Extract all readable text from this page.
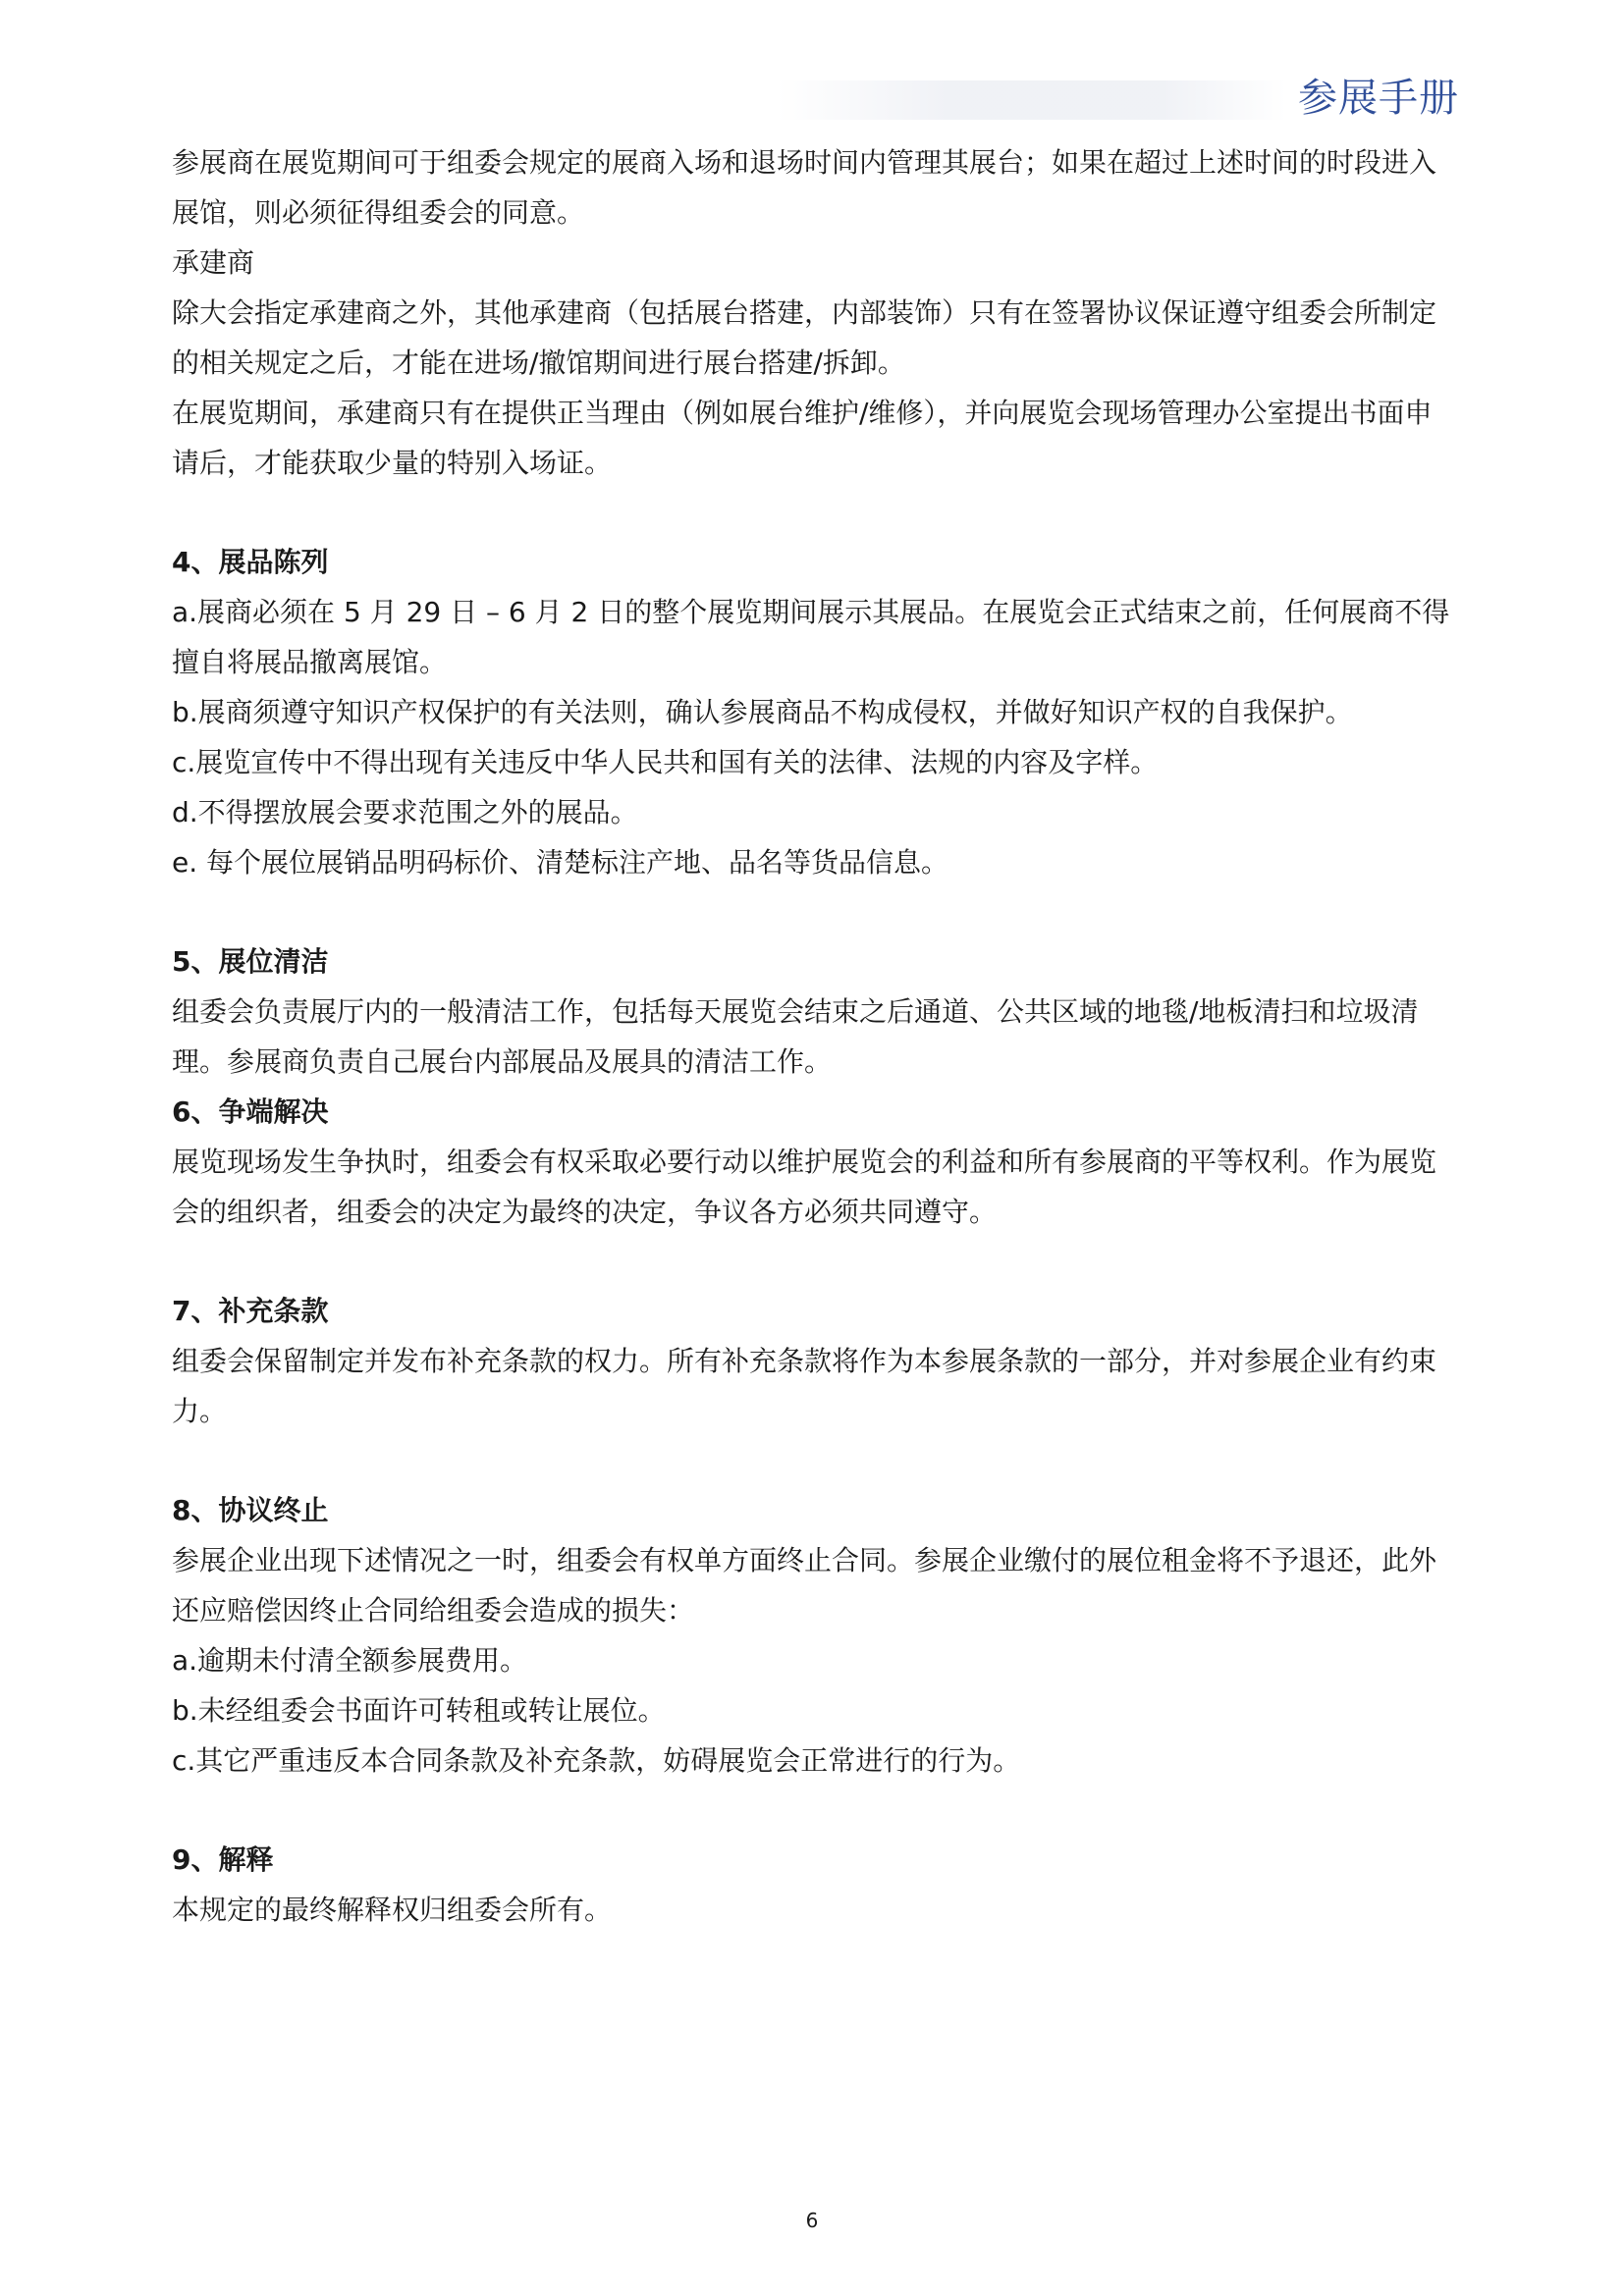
参展手册

参展商在展览期间可于组委会规定的展商入场和退场时间内管理其展台；如果在超过上述时间的时段进入展馆，则必须征得组委会的同意。

承建商

除大会指定承建商之外，其他承建商（包括展台搭建，内部装饰）只有在签署协议保证遵守组委会所制定的相关规定之后，才能在进场/撤馆期间进行展台搭建/拆卸。

在展览期间，承建商只有在提供正当理由（例如展台维护/维修），并向展览会现场管理办公室提出书面申请后，才能获取少量的特别入场证。

4、展品陈列

a.展商必须在 5 月 29 日 – 6 月 2 日的整个展览期间展示其展品。在展览会正式结束之前，任何展商不得擅自将展品撤离展馆。

b.展商须遵守知识产权保护的有关法则，确认参展商品不构成侵权，并做好知识产权的自我保护。

c.展览宣传中不得出现有关违反中华人民共和国有关的法律、法规的内容及字样。

d.不得摆放展会要求范围之外的展品。

e. 每个展位展销品明码标价、清楚标注产地、品名等货品信息。

5、展位清洁

组委会负责展厅内的一般清洁工作，包括每天展览会结束之后通道、公共区域的地毯/地板清扫和垃圾清理。参展商负责自己展台内部展品及展具的清洁工作。

6、争端解决

展览现场发生争执时，组委会有权采取必要行动以维护展览会的利益和所有参展商的平等权利。作为展览会的组织者，组委会的决定为最终的决定，争议各方必须共同遵守。

7、补充条款

组委会保留制定并发布补充条款的权力。所有补充条款将作为本参展条款的一部分，并对参展企业有约束力。

8、协议终止

参展企业出现下述情况之一时，组委会有权单方面终止合同。参展企业缴付的展位租金将不予退还，此外还应赔偿因终止合同给组委会造成的损失：

a.逾期未付清全额参展费用。

b.未经组委会书面许可转租或转让展位。

c.其它严重违反本合同条款及补充条款，妨碍展览会正常进行的行为。

9、解释

本规定的最终解释权归组委会所有。

6
